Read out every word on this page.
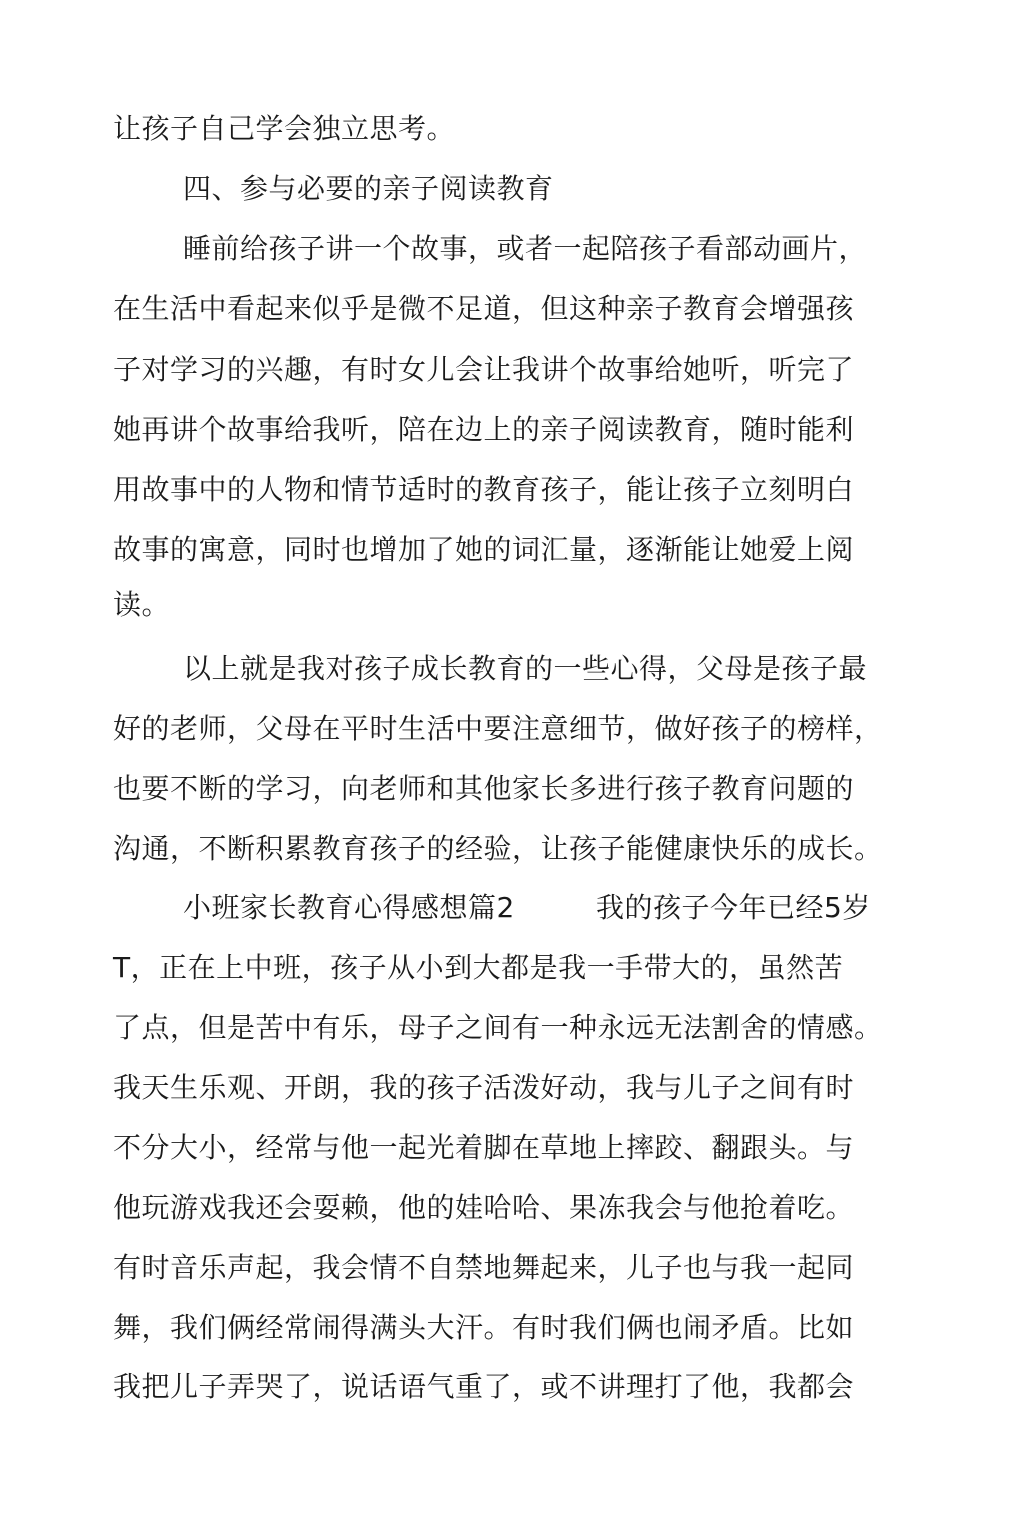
让孩子自己学会独立思考。
四、参与必要的亲子阅读教育
睡前给孩子讲一个故事，或者一起陪孩子看部动画片，
在生活中看起来似乎是微不足道，但这种亲子教育会增强孩
子对学习的兴趣，有时女儿会让我讲个故事给她听，听完了
她再讲个故事给我听，陪在边上的亲子阅读教育，随时能利
用故事中的人物和情节适时的教育孩子，能让孩子立刻明白
故事的寓意，同时也增加了她的词汇量，逐渐能让她爱上阅
读。
以上就是我对孩子成长教育的一些心得，父母是孩子最
好的老师，父母在平时生活中要注意细节，做好孩子的榜样，
也要不断的学习，向老师和其他家长多进行孩子教育问题的
沟通，不断积累教育孩子的经验，让孩子能健康快乐的成长。
小班家长教育心得感想篇2	我的孩子今年已经5岁
T，正在上中班，孩子从小到大都是我一手带大的，虽然苦
了点，但是苦中有乐，母子之间有一种永远无法割舍的情感。
我天生乐观、开朗，我的孩子活泼好动，我与儿子之间有时
不分大小，经常与他一起光着脚在草地上摔跤、翻跟头。与
他玩游戏我还会耍赖，他的娃哈哈、果冻我会与他抢着吃。
有时音乐声起，我会情不自禁地舞起来，儿子也与我一起同
舞，我们俩经常闹得满头大汗。有时我们俩也闹矛盾。比如
我把儿子弄哭了，说话语气重了，或不讲理打了他，我都会
